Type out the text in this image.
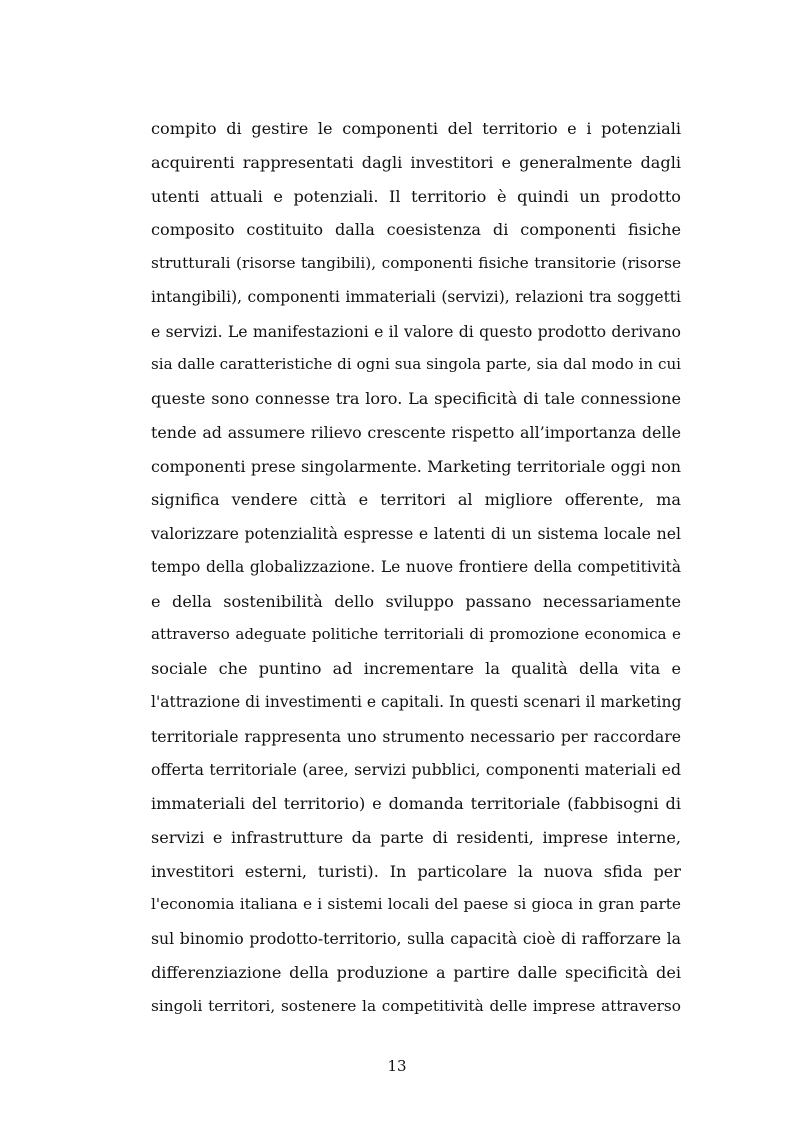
compito di gestire le componenti del territorio e i potenziali
acquirenti rappresentati dagli investitori e generalmente dagli
utenti attuali e potenziali. Il territorio è quindi un prodotto
composito costituito dalla coesistenza di componenti fisiche
strutturali (risorse tangibili), componenti fisiche transitorie (risorse
intangibili), componenti immateriali (servizi), relazioni tra soggetti
e servizi. Le manifestazioni e il valore di questo prodotto derivano
sia dalle caratteristiche di ogni sua singola parte, sia dal modo in cui
queste sono connesse tra loro. La specificità di tale connessione
tende ad assumere rilievo crescente rispetto all’importanza delle
componenti prese singolarmente. Marketing territoriale oggi non
significa vendere città e territori al migliore offerente, ma
valorizzare potenzialità espresse e latenti di un sistema locale nel
tempo della globalizzazione. Le nuove frontiere della competitività
e della sostenibilità dello sviluppo passano necessariamente
attraverso adeguate politiche territoriali di promozione economica e
sociale che puntino ad incrementare la qualità della vita e
l'attrazione di investimenti e capitali. In questi scenari il marketing
territoriale rappresenta uno strumento necessario per raccordare
offerta territoriale (aree, servizi pubblici, componenti materiali ed
immateriali del territorio) e domanda territoriale (fabbisogni di
servizi e infrastrutture da parte di residenti, imprese interne,
investitori esterni, turisti). In particolare la nuova sfida per
l'economia italiana e i sistemi locali del paese si gioca in gran parte
sul binomio prodotto-territorio, sulla capacità cioè di rafforzare la
differenziazione della produzione a partire dalle specificità dei
singoli territori, sostenere la competitività delle imprese attraverso
13
